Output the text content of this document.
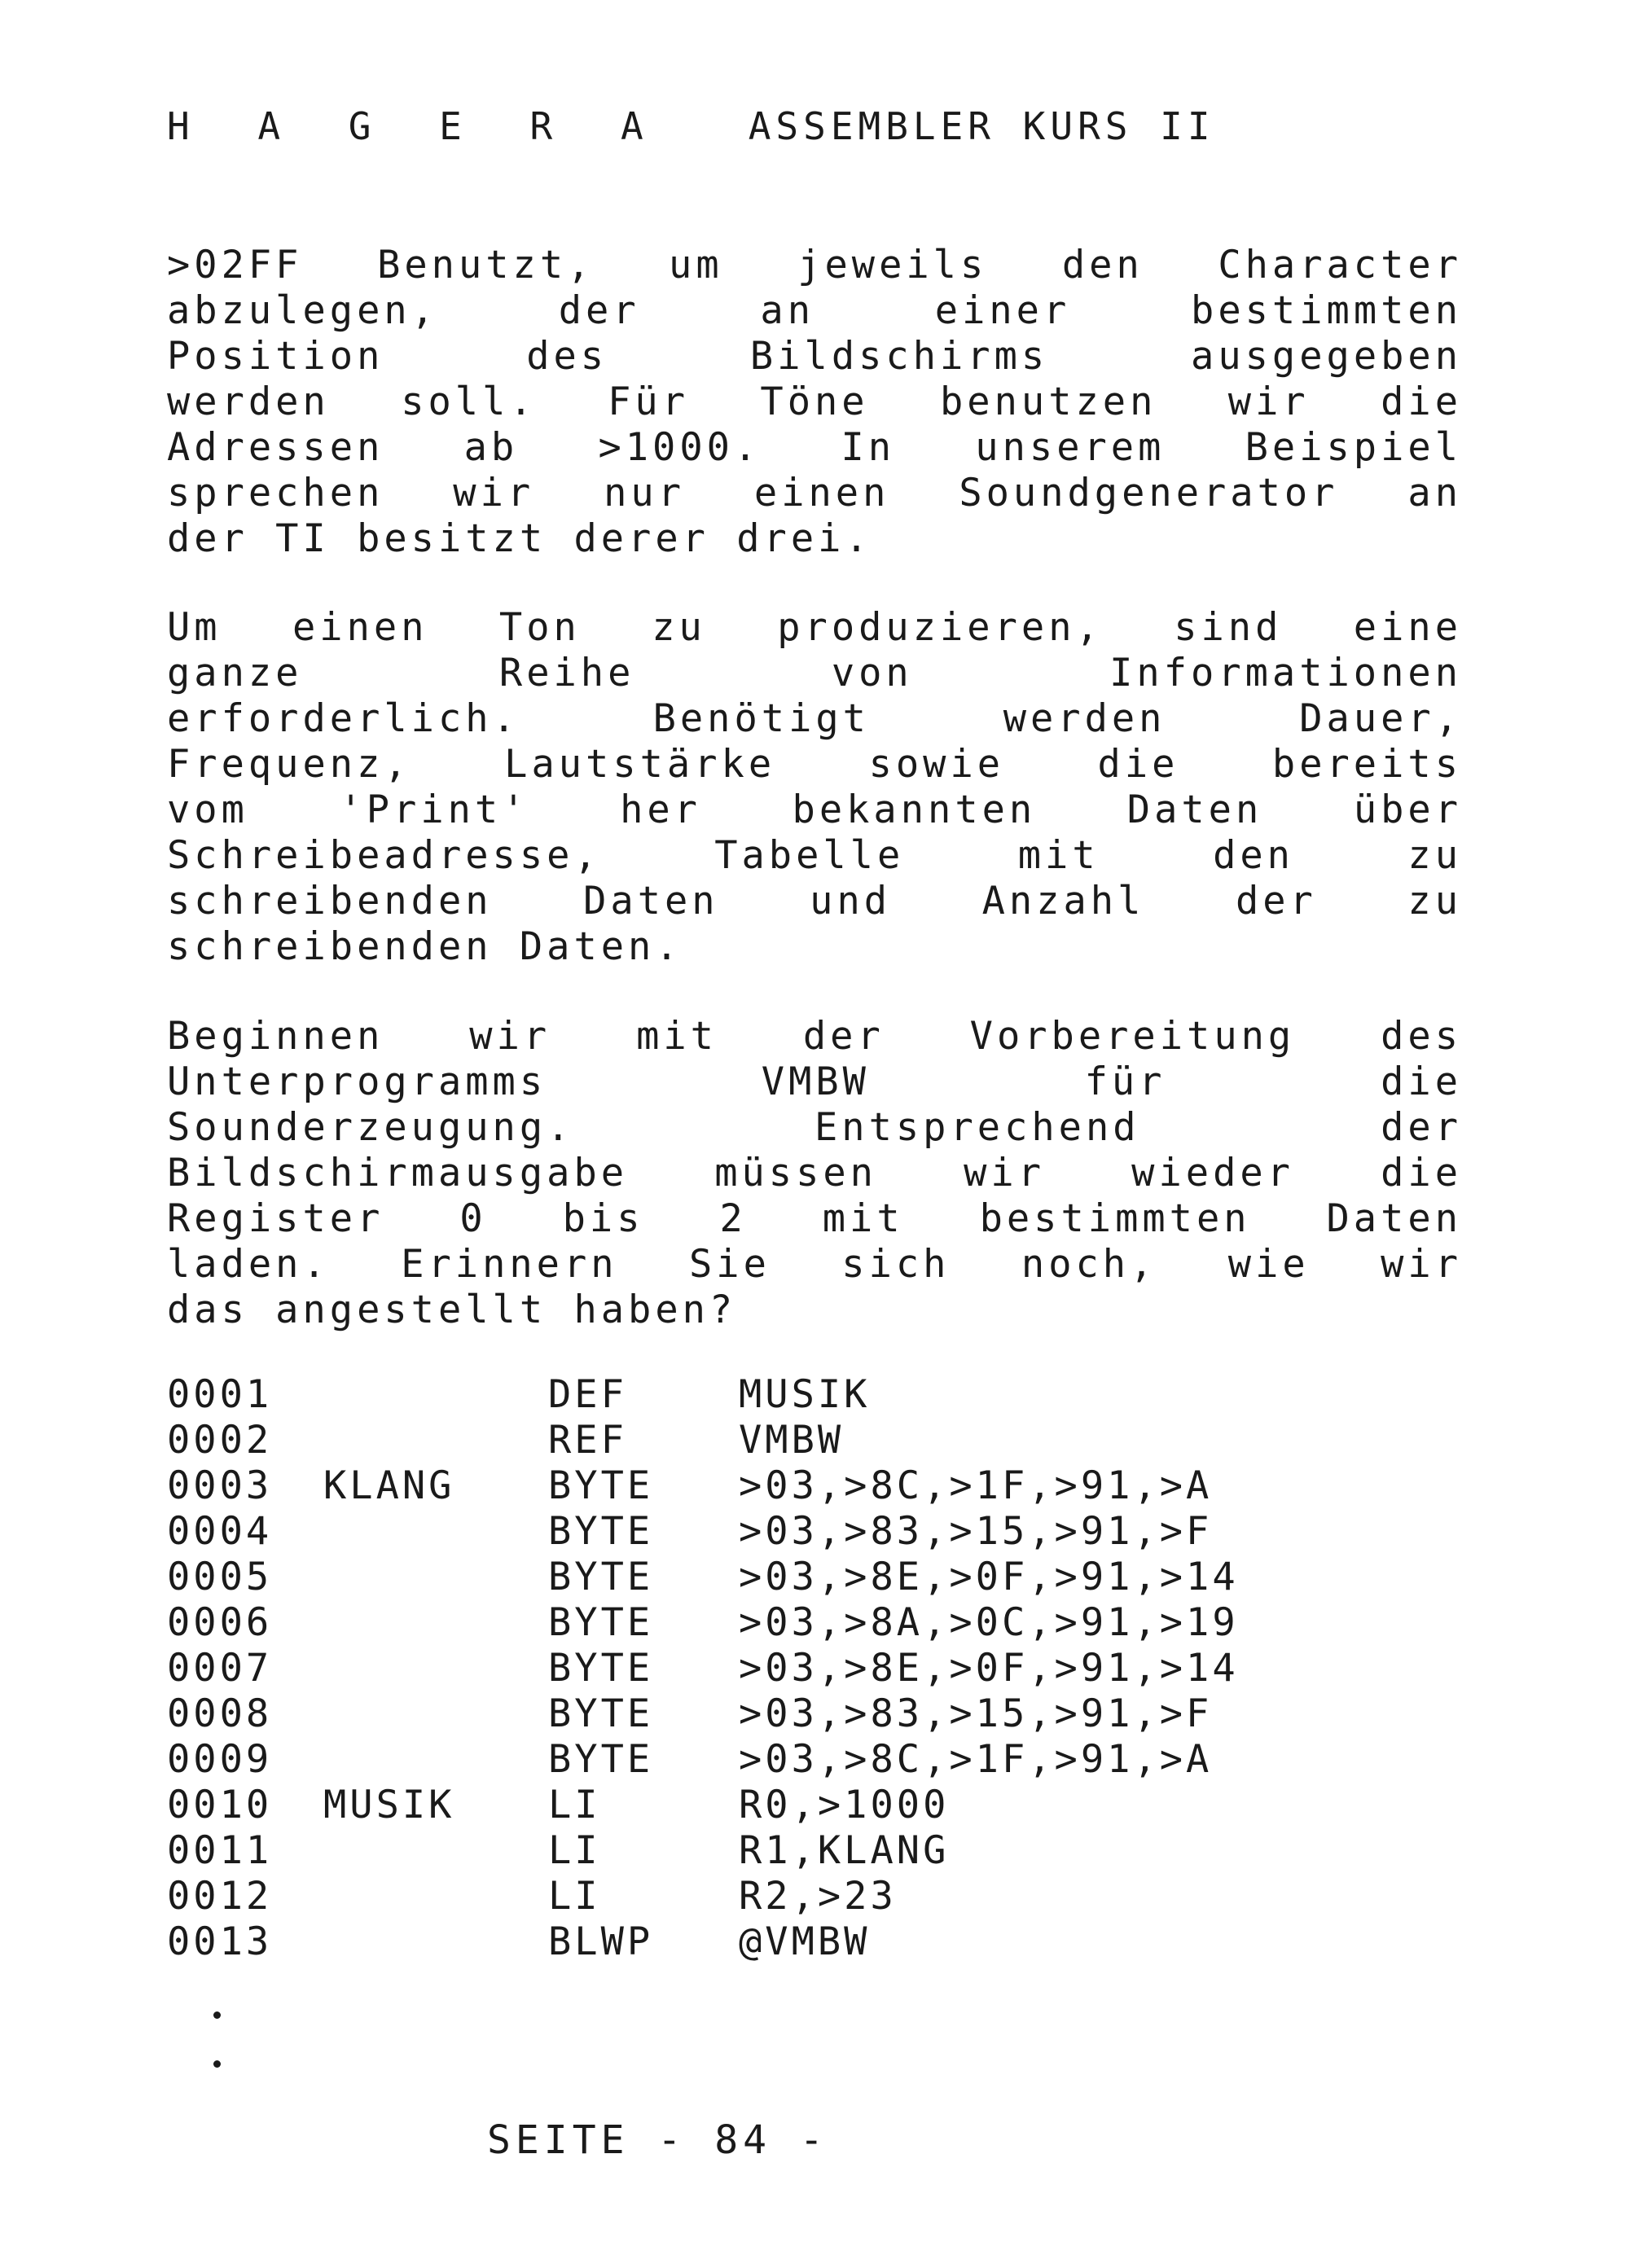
H A G E R A ASSEMBLER KURS II
>02FF Benutzt, um jeweils den Character
abzulegen, der an einer bestimmten
Position des Bildschirms ausgegeben
werden soll. Für Töne benutzen wir die
Adressen ab >1000. In unserem Beispiel
sprechen wir nur einen Soundgenerator an
der TI besitzt derer drei.
Um einen Ton zu produzieren, sind eine
ganze Reihe von Informationen
erforderlich. Benötigt werden Dauer,
Frequenz, Lautstärke sowie die bereits
vom 'Print' her bekannten Daten über
Schreibeadresse, Tabelle mit den zu
schreibenden Daten und Anzahl der zu
schreibenden Daten.
Beginnen wir mit der Vorbereitung des
Unterprogramms VMBW für die
Sounderzeugung. Entsprechend der
Bildschirmausgabe müssen wir wieder die
Register 0 bis 2 mit bestimmten Daten
laden. Erinnern Sie sich noch, wie wir
das angestellt haben?
0001	DEF	MUSIK
0002	REF	VMBW
0003 KLANG BYTE >03,>8C,>1F,>91,>A
0004	BYTE >03,>83,>15,>91,>F
0005	BYTE >03,>8E,>0F,>91,>14
0006	BYTE >03,>8A,>0C,>91,>19
0007	BYTE >03,>8E,>0F,>91,>14
0008	BYTE >03,>83,>15,>91,>F
0009	BYTE >03,>8C,>1F,>91,>A
0010 MUSIK LI	R0,>1000
0011	LI	R1,KLANG
0012	LI	R2,>23
0013	BLWP @VMBW
SEITE - 84 -
